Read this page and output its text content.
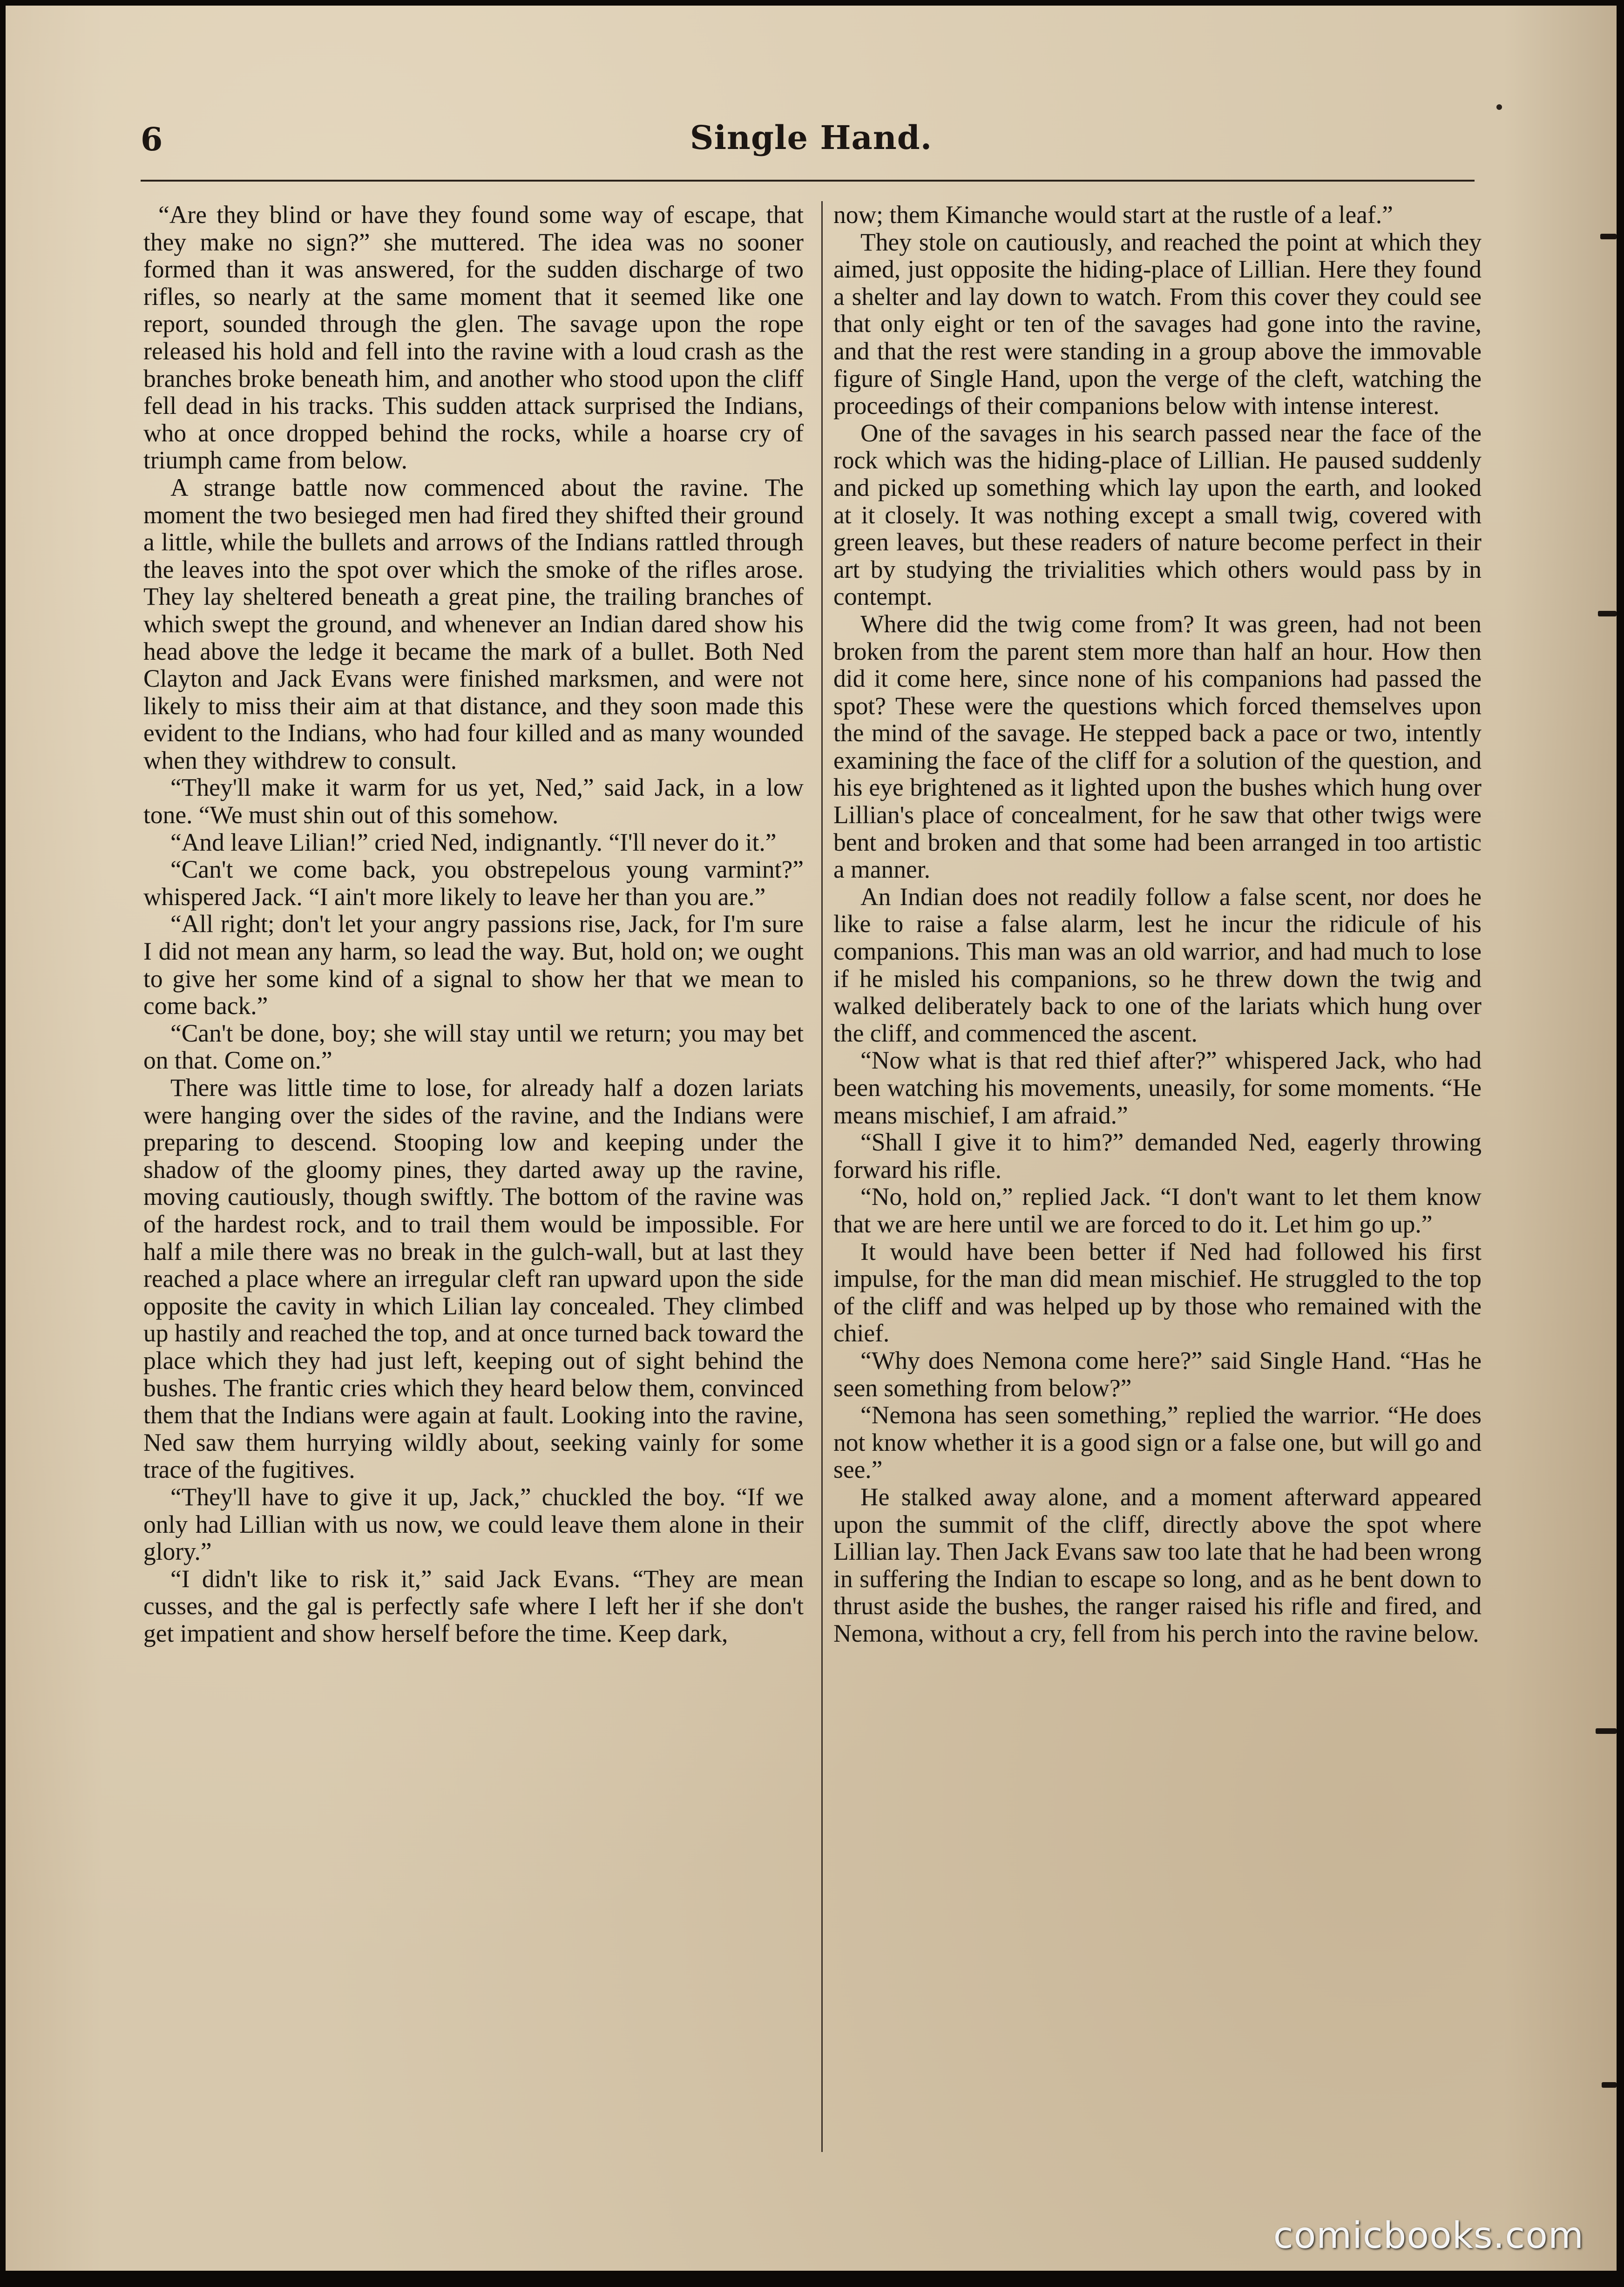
6	Single Hand.

“Are they blind or have they found some way of escape, that they make no sign?” she muttered. The idea was no sooner formed than it was answered, for the sudden discharge of two rifles, so nearly at the same moment that it seemed like one report, sounded through the glen. The savage upon the rope released his hold and fell into the ravine with a loud crash as the branches broke beneath him, and another who stood upon the cliff fell dead in his tracks. This sudden attack surprised the Indians, who at once dropped behind the rocks, while a hoarse cry of triumph came from below.

A strange battle now commenced about the ravine. The moment the two besieged men had fired they shifted their ground a little, while the bullets and arrows of the Indians rattled through the leaves into the spot over which the smoke of the rifles arose. They lay sheltered beneath a great pine, the trailing branches of which swept the ground, and whenever an Indian dared show his head above the ledge it became the mark of a bullet. Both Ned Clayton and Jack Evans were finished marksmen, and were not likely to miss their aim at that distance, and they soon made this evident to the Indians, who had four killed and as many wounded when they withdrew to consult.

“They'll make it warm for us yet, Ned,” said Jack, in a low tone. “We must shin out of this somehow.

“And leave Lilian!” cried Ned, indignantly. “I'll never do it.”

“Can't we come back, you obstrepelous young varmint?” whispered Jack. “I ain't more likely to leave her than you are.”

“All right; don't let your angry passions rise, Jack, for I'm sure I did not mean any harm, so lead the way. But, hold on; we ought to give her some kind of a signal to show her that we mean to come back.”

“Can't be done, boy; she will stay until we return; you may bet on that. Come on.”

There was little time to lose, for already half a dozen lariats were hanging over the sides of the ravine, and the Indians were preparing to descend. Stooping low and keeping under the shadow of the gloomy pines, they darted away up the ravine, moving cautiously, though swiftly. The bottom of the ravine was of the hardest rock, and to trail them would be impossible. For half a mile there was no break in the gulch-wall, but at last they reached a place where an irregular cleft ran upward upon the side opposite the cavity in which Lilian lay concealed. They climbed up hastily and reached the top, and at once turned back toward the place which they had just left, keeping out of sight behind the bushes. The frantic cries which they heard below them, convinced them that the Indians were again at fault. Looking into the ravine, Ned saw them hurrying wildly about, seeking vainly for some trace of the fugitives.

“They'll have to give it up, Jack,” chuckled the boy. “If we only had Lillian with us now, we could leave them alone in their glory.”

“I didn't like to risk it,” said Jack Evans. “They are mean cusses, and the gal is perfectly safe where I left her if she don't get impatient and show herself before the time. Keep dark,

now; them Kimanche would start at the rustle of a leaf.”

They stole on cautiously, and reached the point at which they aimed, just opposite the hiding-place of Lillian. Here they found a shelter and lay down to watch. From this cover they could see that only eight or ten of the savages had gone into the ravine, and that the rest were standing in a group above the immovable figure of Single Hand, upon the verge of the cleft, watching the proceedings of their companions below with intense interest.

One of the savages in his search passed near the face of the rock which was the hiding-place of Lillian. He paused suddenly and picked up something which lay upon the earth, and looked at it closely. It was nothing except a small twig, covered with green leaves, but these readers of nature become perfect in their art by studying the trivialities which others would pass by in contempt.

Where did the twig come from? It was green, had not been broken from the parent stem more than half an hour. How then did it come here, since none of his companions had passed the spot? These were the questions which forced themselves upon the mind of the savage. He stepped back a pace or two, intently examining the face of the cliff for a solution of the question, and his eye brightened as it lighted upon the bushes which hung over Lillian's place of concealment, for he saw that other twigs were bent and broken and that some had been arranged in too artistic a manner.

An Indian does not readily follow a false scent, nor does he like to raise a false alarm, lest he incur the ridicule of his companions. This man was an old warrior, and had much to lose if he misled his companions, so he threw down the twig and walked deliberately back to one of the lariats which hung over the cliff, and commenced the ascent.

“Now what is that red thief after?” whispered Jack, who had been watching his movements, uneasily, for some moments. “He means mischief, I am afraid.”

“Shall I give it to him?” demanded Ned, eagerly throwing forward his rifle.

“No, hold on,” replied Jack. “I don't want to let them know that we are here until we are forced to do it. Let him go up.”

It would have been better if Ned had followed his first impulse, for the man did mean mischief. He struggled to the top of the cliff and was helped up by those who remained with the chief.

“Why does Nemona come here?” said Single Hand. “Has he seen something from below?”

“Nemona has seen something,” replied the warrior. “He does not know whether it is a good sign or a false one, but will go and see.”

He stalked away alone, and a moment afterward appeared upon the summit of the cliff, directly above the spot where Lillian lay. Then Jack Evans saw too late that he had been wrong in suffering the Indian to escape so long, and as he bent down to thrust aside the bushes, the ranger raised his rifle and fired, and Nemona, without a cry, fell from his perch into the ravine below.

comicbooks.com
